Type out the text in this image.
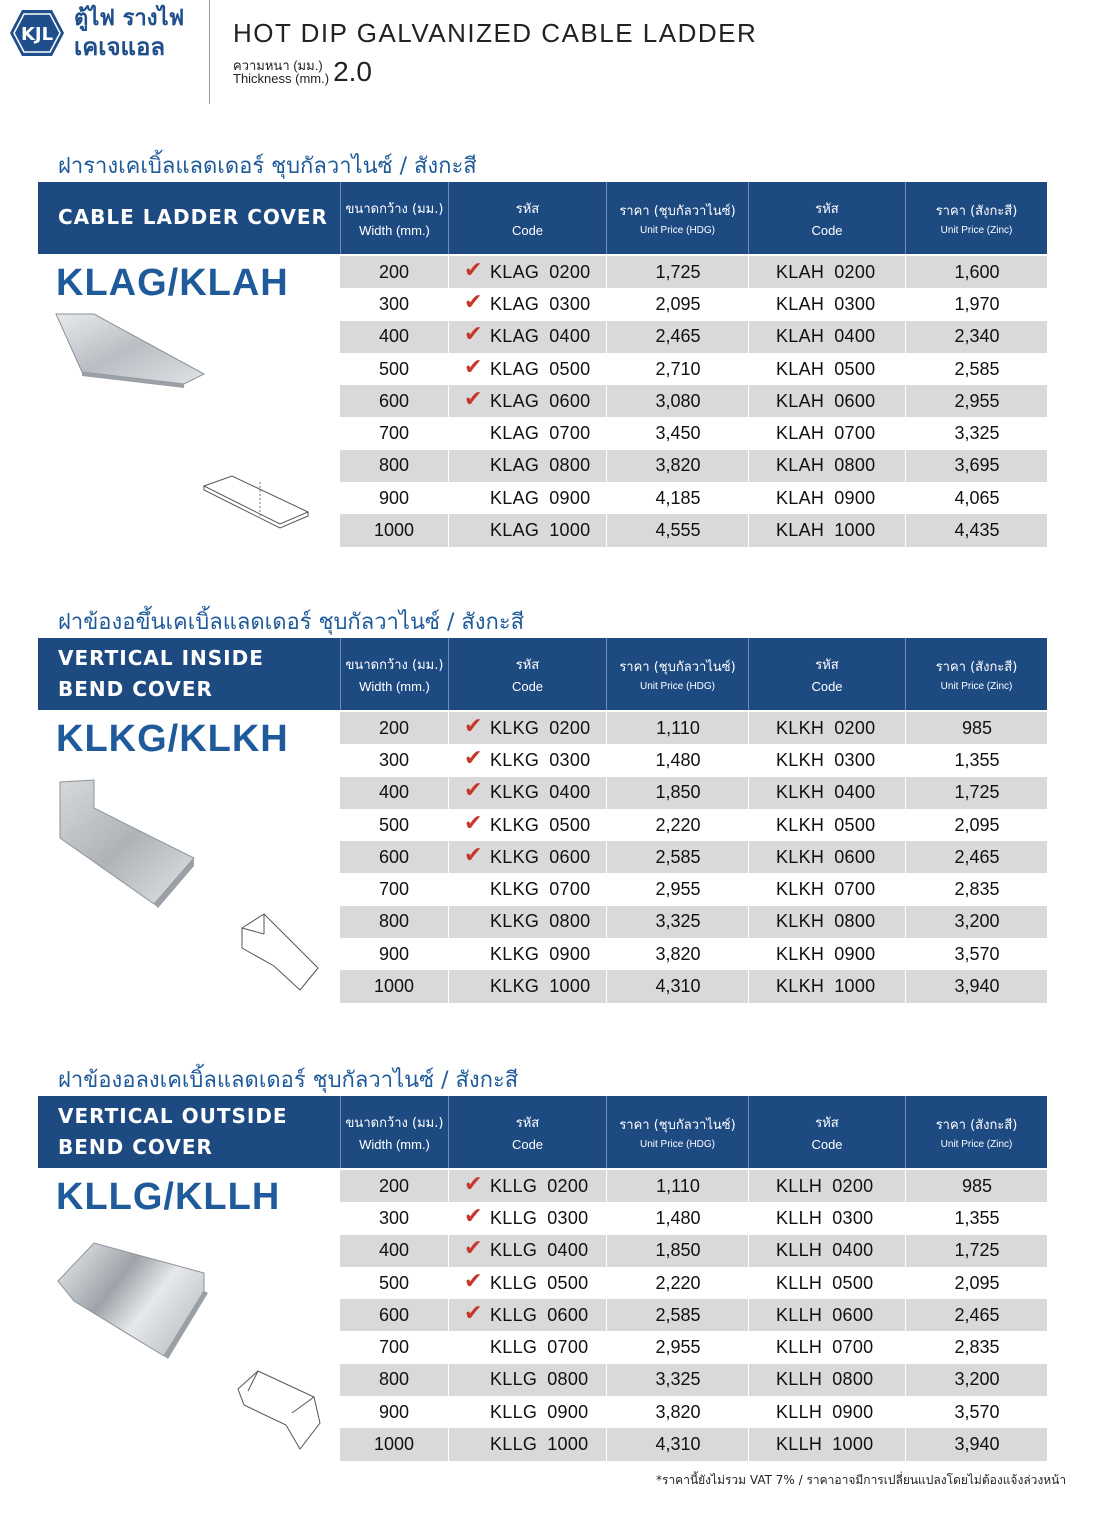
KJL
ตู้ไฟ รางไฟ
เคเจแอล	HOT DIP GALVANIZED CABLE LADDER
ความหนา (มม.)
Thickness (mm.) 2.0
ฝารางเคเบิ้ลแลดเดอร์ ชุบกัลวาไนซ์ / สังกะสี
CABLE LADDER COVER	ขนาดกว้าง (มม.)
Width (mm.)
รหัส
Code
ราคา (ชุบกัลวาไนซ์)
Unit Price (HDG)
รหัส
Code
ราคา (สังกะสี)
Unit Price (Zinc)
KLAG/KLAH	200 ✔ KLAG 0200	1,725	KLAH 0200	1,600
300 ✔ KLAG 0300	2,095	KLAH 0300	1,970
400 ✔ KLAG 0400	2,465	KLAH 0400	2,340
500 ✔ KLAG 0500	2,710	KLAH 0500	2,585
600 ✔ KLAG 0600	3,080	KLAH 0600	2,955
700	KLAG 0700	3,450	KLAH 0700	3,325
800	KLAG 0800	3,820	KLAH 0800	3,695
900	KLAG 0900	4,185	KLAH 0900	4,065
1000	KLAG 1000	4,555	KLAH 1000	4,435
ฝาข้องอขึ้นเคเบิ้ลแลดเดอร์ ชุบกัลวาไนซ์ / สังกะสี
VERTICAL INSIDE
BEND COVER
ขนาดกว้าง (มม.)
Width (mm.)
รหัส
Code
ราคา (ชุบกัลวาไนซ์)
Unit Price (HDG)
รหัส
Code
ราคา (สังกะสี)
Unit Price (Zinc)
KLKG/KLKH	200 ✔ KLKG 0200	1,110	KLKH 0200	985
300 ✔ KLKG 0300	1,480	KLKH 0300	1,355
400 ✔ KLKG 0400	1,850	KLKH 0400	1,725
500 ✔ KLKG 0500	2,220	KLKH 0500	2,095
600 ✔ KLKG 0600	2,585	KLKH 0600	2,465
700	KLKG 0700	2,955	KLKH 0700	2,835
800	KLKG 0800	3,325	KLKH 0800	3,200
900	KLKG 0900	3,820	KLKH 0900	3,570
1000	KLKG 1000	4,310	KLKH 1000	3,940
ฝาข้องอลงเคเบิ้ลแลดเดอร์ ชุบกัลวาไนซ์ / สังกะสี
VERTICAL OUTSIDE
BEND COVER
ขนาดกว้าง (มม.)
Width (mm.)
รหัส
Code
ราคา (ชุบกัลวาไนซ์)
Unit Price (HDG)
รหัส
Code
ราคา (สังกะสี)
Unit Price (Zinc)
KLLG/KLLH	200 ✔ KLLG 0200	1,110	KLLH 0200	985
300 ✔ KLLG 0300	1,480	KLLH 0300	1,355
400 ✔ KLLG 0400	1,850	KLLH 0400	1,725
500 ✔ KLLG 0500	2,220	KLLH 0500	2,095
600 ✔ KLLG 0600	2,585	KLLH 0600	2,465
700	KLLG 0700	2,955	KLLH 0700	2,835
800	KLLG 0800	3,325	KLLH 0800	3,200
900	KLLG 0900	3,820	KLLH 0900	3,570
1000	KLLG 1000	4,310	KLLH 1000	3,940
*ราคานี้ยังไม่รวม VAT 7% / ราคาอาจมีการเปลี่ยนแปลงโดยไม่ต้องแจ้งล่วงหน้า
